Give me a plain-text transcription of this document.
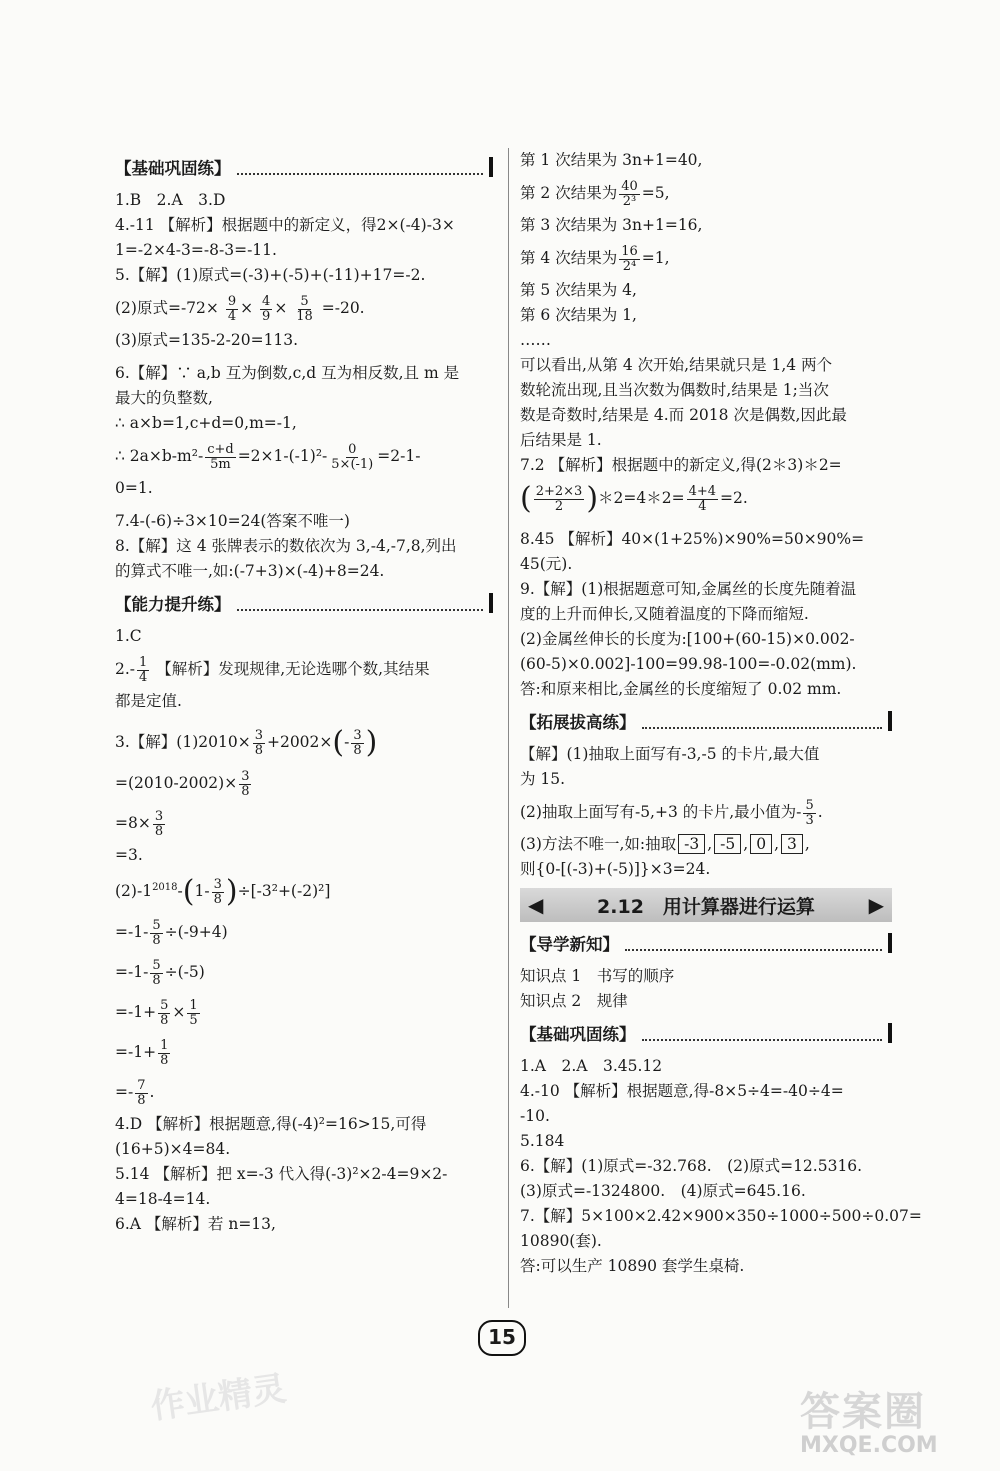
【基础巩固练】
1.B　2.A　3.D
4.-11 【解析】根据题中的新定义，得2×(-4)-3×
1=-2×4-3=-8-3=-11.
5.【解】(1)原式=(-3)+(-5)+(-11)+17=-2.
(2)原式$=-72\times \frac{9}{4} \times \frac{4}{9} \times \frac{5}{18} =-20$.
(3)原式=135-2-20=113.
6.【解】∵ a,b 互为倒数,c,d 互为相反数,且 m 是
最大的负整数,
∴ a×b=1,c+d=0,m=-1,
∴ $2a\times b-m^2- \frac{c+d}{5m} =2\times 1-(-1)^2- \frac{0}{5\times(-1)} =2-1-$
0=1.
7.4-(-6)÷3×10=24(答案不唯一)
8.【解】这 4 张牌表示的数依次为 3,-4,-7,8,列出
的算式不唯一,如:(-7+3)×(-4)+8=24.
【能力提升练】
1.C
$2.- \frac{1}{4}$ 【解析】发现规律,无论选哪个数,其结果
都是定值.
3.【解】$(1)2010\times \frac{3}{8} +2002\times(- \frac{3}{8}$ )
$=(2010-2002)\times \frac{3}{8}$
$=8\times \frac{3}{8}$
=3.
$(2)-1^{2018}-(1- \frac{3}{8} )\div[-3^2+(-2)^2]$
$=-1- \frac{5}{8} \div(-9+4)$
$=-1- \frac{5}{8} \div(-5)$
$=-1+ \frac{5}{8} \times \frac{1}{5}$
$=-1+ \frac{1}{8}$
=- $\frac{7}{8}$ .
4.D 【解析】根据题意,得(-4)²=16>15,可得
(16+5)×4=84.
5.14 【解析】把 x=-3 代入得(-3)²×2-4=9×2-
4=18-4=14.
6.A 【解析】若 n=13,
第 1 次结果为 3n+1=40,
第 2 次结果为 $\frac{40}{\text{2³}} =5$,
第 3 次结果为 3n+1=16,
第 4 次结果为 $\frac{16}{\text{2⁴}} =1$,
第 5 次结果为 4,
第 6 次结果为 1,
……
可以看出,从第 4 次开始,结果就只是 1,4 两个
数轮流出现,且当次数为偶数时,结果是 1;当次
数是奇数时,结果是 4.而 2018 次是偶数,因此最
后结果是 1.
7.2 【解析】根据题中的新定义,得(2＊3)＊2=
( $\frac{2+2\times 3}{2}$ )＊2=4＊2= $\frac{4+4}{4} =2$.
8.45 【解析】40×(1+25%)×90%=50×90%=
45(元).
9.【解】(1)根据题意可知,金属丝的长度先随着温
度的上升而伸长,又随着温度的下降而缩短.
(2)金属丝伸长的长度为:[100+(60-15)×0.002-
(60-5)×0.002]-100=99.98-100=-0.02(mm).
答:和原来相比,金属丝的长度缩短了 0.02 mm.
【拓展拔高练】
【解】(1)抽取上面写有-3,-5 的卡片,最大值
为 15.
(2)抽取上面写有-5,+3 的卡片,最小值为- $\frac{5}{3}$ .
(3)方法不唯一,如:抽取 -3 , -5 , 0 , 3 ,
则{0-[(-3)+(-5)]}×3=24.
◀	2.12　用计算器进行运算	▶
【导学新知】
知识点 1　书写的顺序
知识点 2　规律
【基础巩固练】
1.A　2.A　3.45.12
4.-10 【解析】根据题意,得-8×5÷4=-40÷4=
-10.
5.184
6.【解】(1)原式=-32.768.　(2)原式=12.5316.
(3)原式=-1324800.　(4)原式=645.16.
7.【解】5×100×2.42×900×350÷1000÷500÷0.07=
10890(套).
答:可以生产 10890 套学生桌椅.
15
作业精灵	答案圈
MXQE.COM
